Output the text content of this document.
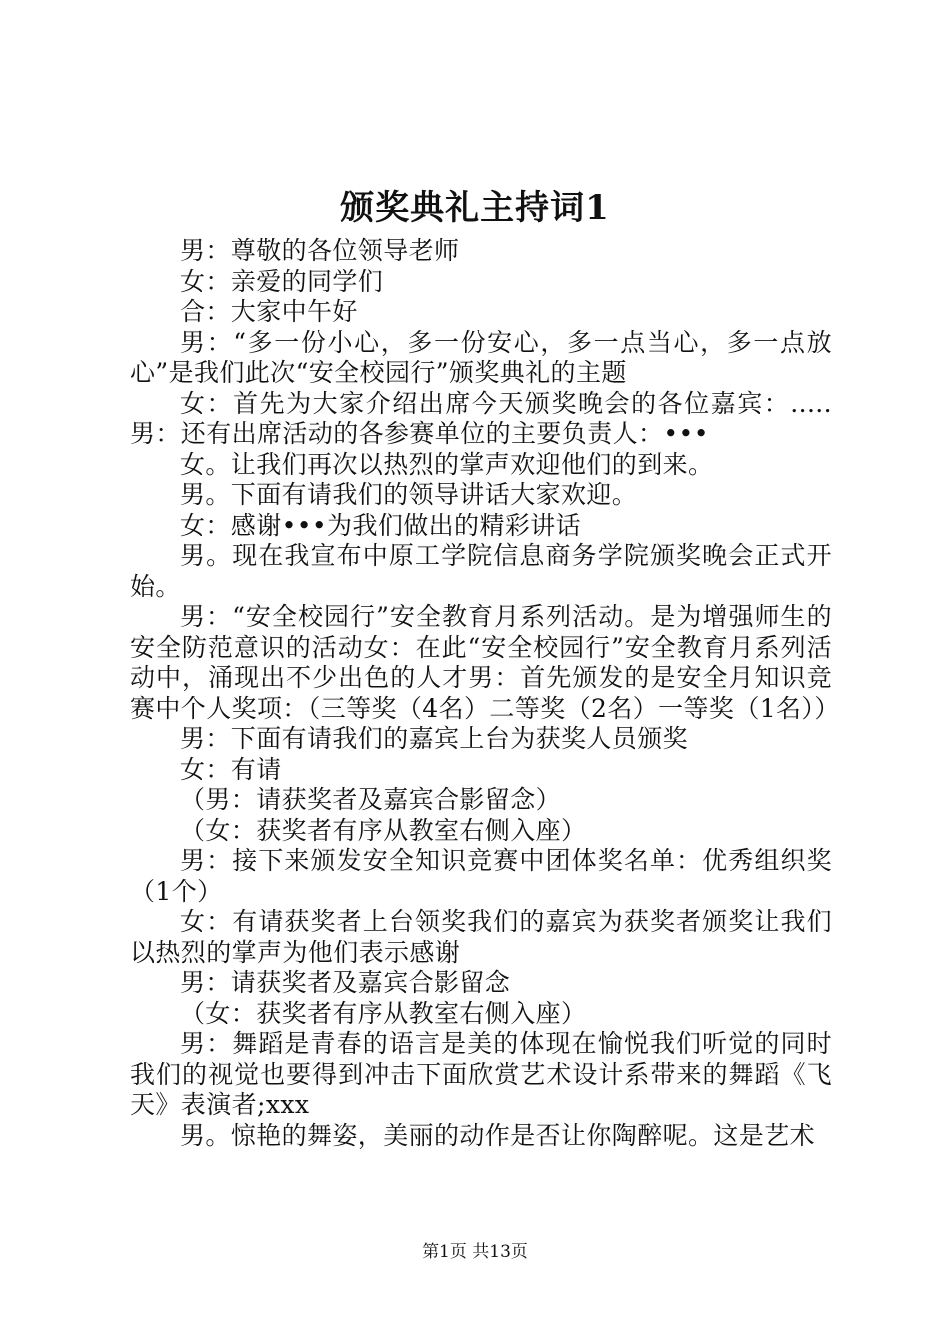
颁奖典礼主持词1

男：尊敬的各位领导老师

女：亲爱的同学们

合：大家中午好

男：“多一份小心，多一份安心，多一点当心，多一点放心”是我们此次“安全校园行”颁奖典礼的主题

女：首先为大家介绍出席今天颁奖晚会的各位嘉宾：.....男：还有出席活动的各参赛单位的主要负责人：•••

女。让我们再次以热烈的掌声欢迎他们的到来。

男。下面有请我们的领导讲话大家欢迎。

女：感谢•••为我们做出的精彩讲话

男。现在我宣布中原工学院信息商务学院颁奖晚会正式开始。

男：“安全校园行”安全教育月系列活动。是为增强师生的安全防范意识的活动女：在此“安全校园行”安全教育月系列活动中，涌现出不少出色的人才男：首先颁发的是安全月知识竞赛中个人奖项：（三等奖（4名）二等奖（2名）一等奖（1名））

男：下面有请我们的嘉宾上台为获奖人员颁奖

女：有请

（男：请获奖者及嘉宾合影留念）

（女：获奖者有序从教室右侧入座）

男：接下来颁发安全知识竞赛中团体奖名单：优秀组织奖（1个）

女：有请获奖者上台领奖我们的嘉宾为获奖者颁奖让我们以热烈的掌声为他们表示感谢

男：请获奖者及嘉宾合影留念

（女：获奖者有序从教室右侧入座）

男：舞蹈是青春的语言是美的体现在愉悦我们听觉的同时我们的视觉也要得到冲击下面欣赏艺术设计系带来的舞蹈《飞天》表演者;xxx

男。惊艳的舞姿，美丽的动作是否让你陶醉呢。这是艺术

第1页 共13页
